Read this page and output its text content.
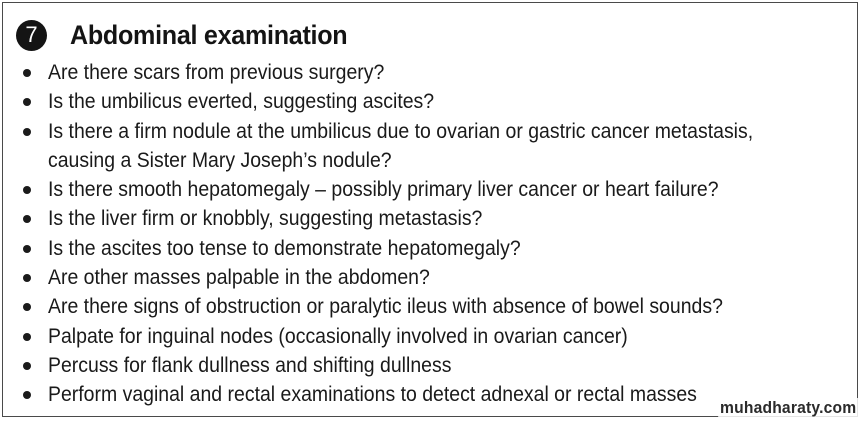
7	Abdominal examination
Are there scars from previous surgery?
Is the umbilicus everted, suggesting ascites?
Is there a firm nodule at the umbilicus due to ovarian or gastric cancer metastasis,
causing a Sister Mary Joseph’s nodule?
Is there smooth hepatomegaly – possibly primary liver cancer or heart failure?
Is the liver firm or knobbly, suggesting metastasis?
Is the ascites too tense to demonstrate hepatomegaly?
Are other masses palpable in the abdomen?
Are there signs of obstruction or paralytic ileus with absence of bowel sounds?
Palpate for inguinal nodes (occasionally involved in ovarian cancer)
Percuss for flank dullness and shifting dullness
Perform vaginal and rectal examinations to detect adnexal or rectal masses
muhadharaty.com
